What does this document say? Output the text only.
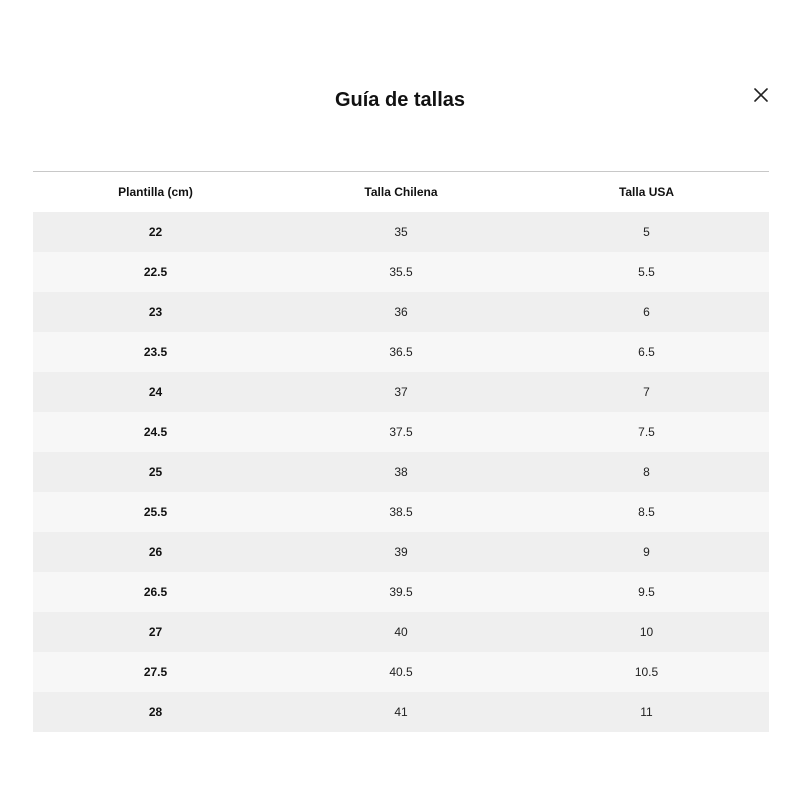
Guía de tallas
Plantilla (cm)	Talla Chilena	Talla USA
22	35	5
22.5	35.5	5.5
23	36	6
23.5	36.5	6.5
24	37	7
24.5	37.5	7.5
25	38	8
25.5	38.5	8.5
26	39	9
26.5	39.5	9.5
27	40	10
27.5	40.5	10.5
28	41	11
